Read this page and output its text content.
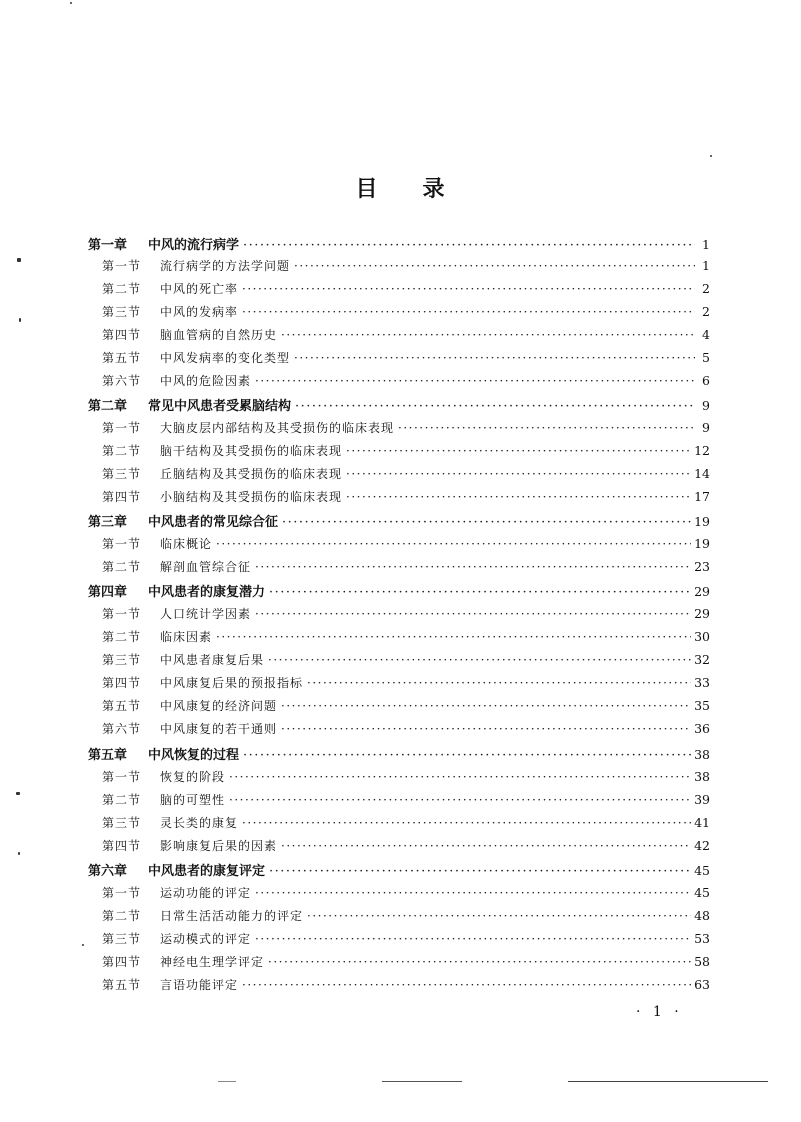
目 录
第一章	中风的流行病学 ·····	1
第一节	流行病学的方法学问题 ·····	1
第二节	中风的死亡率 ·····	2
第三节	中风的发病率 ·····	2
第四节	脑血管病的自然历史 ·····	4
第五节	中风发病率的变化类型 ·····	5
第六节	中风的危险因素 ·····	6
第二章	常见中风患者受累脑结构 ·····	9
第一节	大脑皮层内部结构及其受损伤的临床表现 ·····	9
第二节	脑干结构及其受损伤的临床表现 ·····	12
第三节	丘脑结构及其受损伤的临床表现 ·····	14
第四节	小脑结构及其受损伤的临床表现 ·····	17
第三章	中风患者的常见综合征 ·····	19
第一节	临床概论 ·····	19
第二节	解剖血管综合征 ·····	23
第四章	中风患者的康复潜力 ·····	29
第一节	人口统计学因素 ·····	29
第二节	临床因素 ·····	30
第三节	中风患者康复后果 ·····	32
第四节	中风康复后果的预报指标 ·····	33
第五节	中风康复的经济问题 ·····	35
第六节	中风康复的若干通则 ·····	36
第五章	中风恢复的过程 ·····	38
第一节	恢复的阶段 ·····	38
第二节	脑的可塑性 ·····	39
第三节	灵长类的康复 ·····	41
第四节	影响康复后果的因素 ·····	42
第六章	中风患者的康复评定 ·····	45
第一节	运动功能的评定 ·····	45
第二节	日常生活活动能力的评定 ·····	48
第三节	运动模式的评定 ·····	53
第四节	神经电生理学评定 ·····	58
第五节	言语功能评定 ·····	63
· 1 ·
